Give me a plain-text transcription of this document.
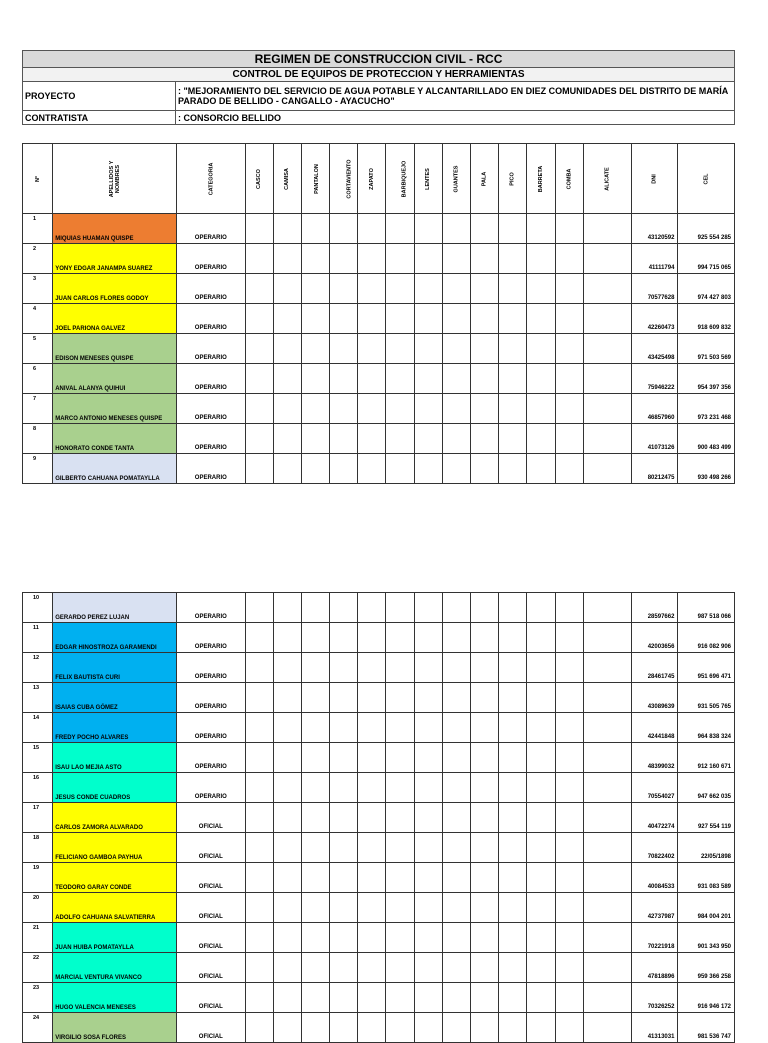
REGIMEN DE CONSTRUCCION CIVIL - RCC	
CONTROL DE EQUIPOS DE PROTECCION Y HERRAMIENTAS	
PROYECTO	: "MEJORAMIENTO DEL SERVICIO DE AGUA POTABLE Y ALCANTARILLADO EN DIEZ COMUNIDADES DEL DISTRITO DE MARÍA PARADO DE BELLIDO - CANGALLO - AYACUCHO"
CONTRATISTA	: CONSORCIO BELLIDO
Nº	APELLIDOS Y NOMBRES	CATEGORIA	CASCO	CAMISA	PANTALON	CORTAVIENTO	ZAPATO	BARBIQUEJO	LENTES	GUANTES	PALA	PICO	BARRETA	COMBA	ALICATE	DNI	CEL
1	MIQUIAS HUAMAN QUISPE	OPERARIO														43120592	925 554 285
2	YONY EDGAR JANAMPA SUAREZ	OPERARIO														41111794	994 715 065
3	JUAN CARLOS FLORES GODOY	OPERARIO														70577628	974 427 803
4	JOEL PARIONA GALVEZ	OPERARIO														42260473	918 609 832
5	EDISON MENESES QUISPE	OPERARIO														43425498	971 503 569
6	ANIVAL ALANYA QUIHUI	OPERARIO														75946222	954 397 356
7	MARCO ANTONIO MENESES QUISPE	OPERARIO														46857960	973 231 468
8	HONORATO CONDE TANTA	OPERARIO														41073126	900 483 499
9	GILBERTO CAHUANA POMATAYLLA	OPERARIO														80212475	930 498 266
10	GERARDO PEREZ LUJAN	OPERARIO														28597662	987 518 066
11	EDGAR HINOSTROZA GARAMENDI	OPERARIO														42003656	916 082 906
12	FELIX BAUTISTA CURI	OPERARIO														28461745	951 696 471
13	ISAIAS CUBA GÓMEZ	OPERARIO														43089639	931 505 765
14	FREDY POCHO ALVARES	OPERARIO														42441848	964 838 324
15	ISAU LAO MEJIA ASTO	OPERARIO														48399032	912 160 671
16	JESUS CONDE CUADROS	OPERARIO														70554027	947 662 035
17	CARLOS ZAMORA ALVARADO	OFICIAL														40472274	927 554 119
18	FELICIANO GAMBOA PAYHUA	OFICIAL														70822402	22/05/1898
19	TEODORO GARAY CONDE	OFICIAL														40084533	931 083 589
20	ADOLFO CAHUANA SALVATIERRA	OFICIAL														42737987	984 004 201
21	JUAN HUIBA POMATAYLLA	OFICIAL														70221918	901 343 950
22	MARCIAL VENTURA VIVANCO	OFICIAL														47818896	959 366 258
23	HUGO VALENCIA MENESES	OFICIAL														70326252	916 946 172
24	VIRGILIO SOSA FLORES	OFICIAL														41313031	981 536 747
